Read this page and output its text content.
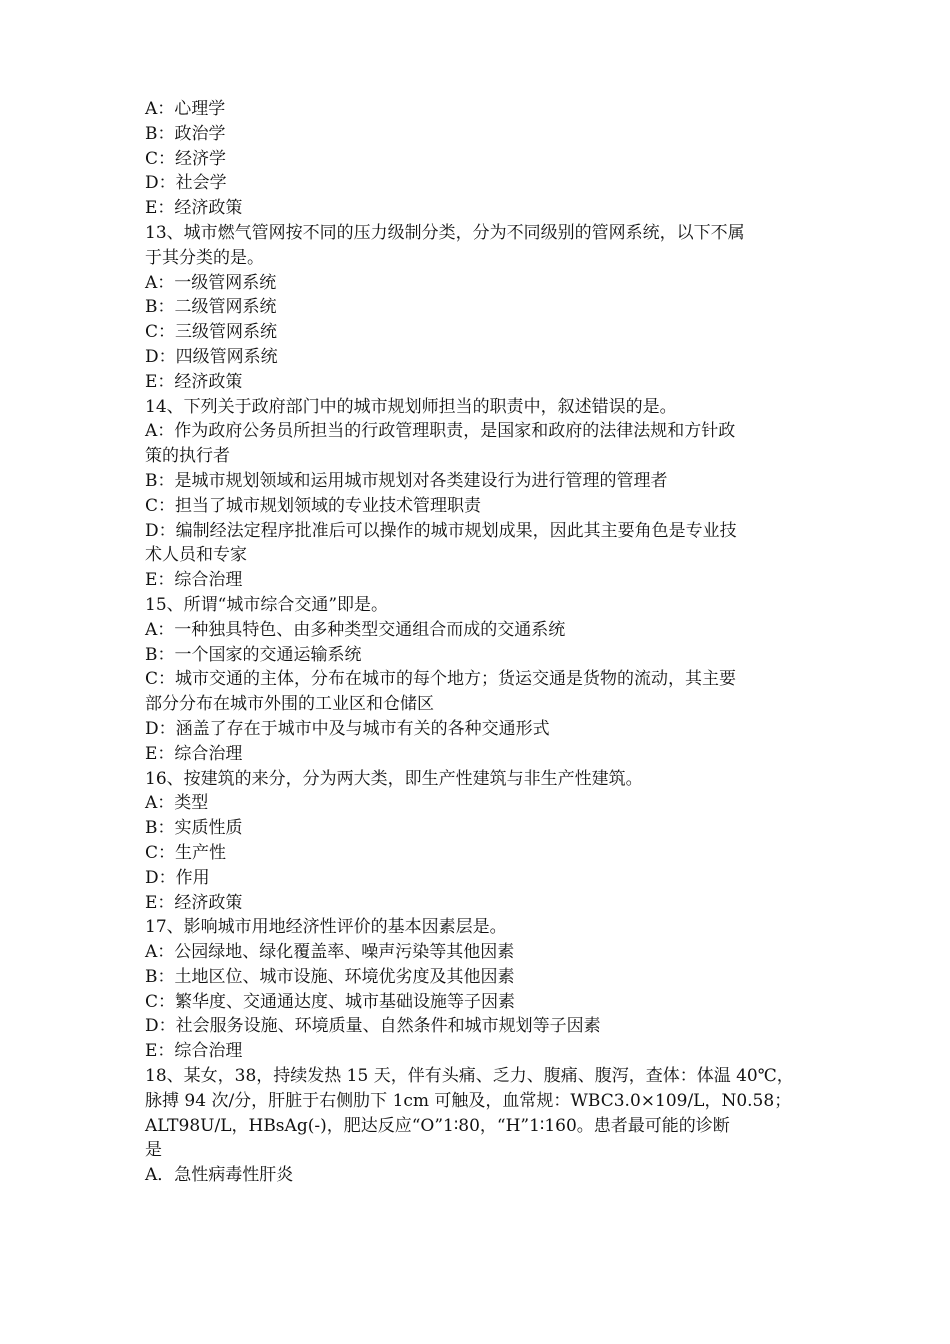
A：心理学
B：政治学
C：经济学
D：社会学
E：经济政策
13、城市燃气管网按不同的压力级制分类，分为不同级别的管网系统，以下不属
于其分类的是。
A：一级管网系统
B：二级管网系统
C：三级管网系统
D：四级管网系统
E：经济政策
14、下列关于政府部门中的城市规划师担当的职责中，叙述错误的是。
A：作为政府公务员所担当的行政管理职责，是国家和政府的法律法规和方针政
策的执行者
B：是城市规划领域和运用城市规划对各类建设行为进行管理的管理者
C：担当了城市规划领域的专业技术管理职责
D：编制经法定程序批准后可以操作的城市规划成果，因此其主要角色是专业技
术人员和专家
E：综合治理
15、所谓“城市综合交通”即是。
A：一种独具特色、由多种类型交通组合而成的交通系统
B：一个国家的交通运输系统
C：城市交通的主体，分布在城市的每个地方；货运交通是货物的流动，其主要
部分分布在城市外围的工业区和仓储区
D：涵盖了存在于城市中及与城市有关的各种交通形式
E：综合治理
16、按建筑的来分，分为两大类，即生产性建筑与非生产性建筑。
A：类型
B：实质性质
C：生产性
D：作用
E：经济政策
17、影响城市用地经济性评价的基本因素层是。
A：公园绿地、绿化覆盖率、噪声污染等其他因素
B：土地区位、城市设施、环境优劣度及其他因素
C：繁华度、交通通达度、城市基础设施等子因素
D：社会服务设施、环境质量、自然条件和城市规划等子因素
E：综合治理
18、某女，38，持续发热 15 天，伴有头痛、乏力、腹痛、腹泻，查体：体温 40℃，
脉搏 94 次/分，肝脏于右侧肋下 1cm 可触及，血常规：WBC3.0×109/L，N0.58；
ALT98U/L，HBsAg(-)，肥达反应“O”1∶80，“H”1∶160。患者最可能的诊断
是
A．急性病毒性肝炎
